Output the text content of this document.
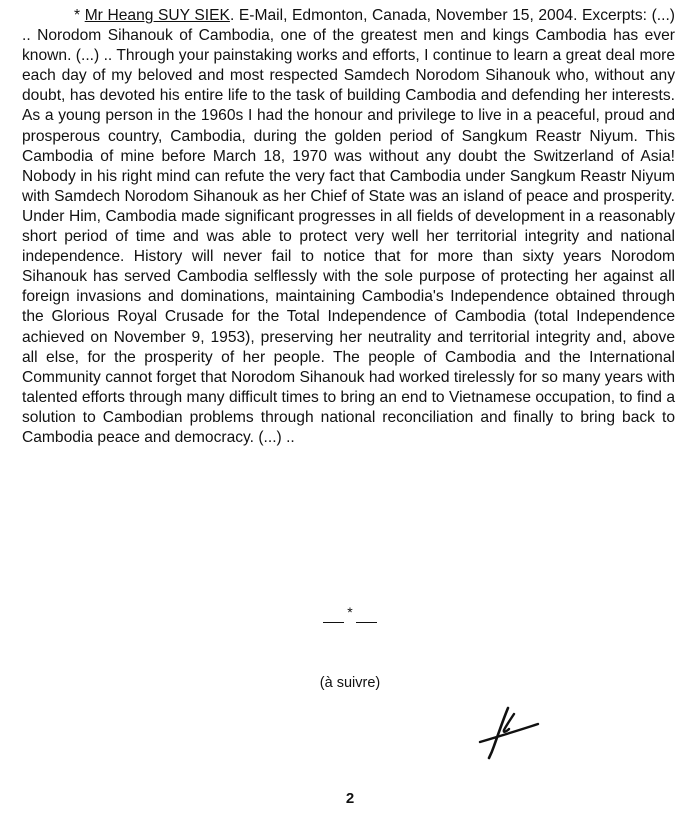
* Mr Heang SUY SIEK. E-Mail, Edmonton, Canada, November 15, 2004. Excerpts: (...) .. Norodom Sihanouk of Cambodia, one of the greatest men and kings Cambodia has ever known. (...) .. Through your painstaking works and efforts, I continue to learn a great deal more each day of my beloved and most respected Samdech Norodom Sihanouk who, without any doubt, has devoted his entire life to the task of building Cambodia and defending her interests. As a young person in the 1960s I had the honour and privilege to live in a peaceful, proud and prosperous country, Cambodia, during the golden period of Sangkum Reastr Niyum. This Cambodia of mine before March 18, 1970 was without any doubt the Switzerland of Asia! Nobody in his right mind can refute the very fact that Cambodia under Sangkum Reastr Niyum with Samdech Norodom Sihanouk as her Chief of State was an island of peace and prosperity. Under Him, Cambodia made significant progresses in all fields of development in a reasonably short period of time and was able to protect very well her territorial integrity and national independence. History will never fail to notice that for more than sixty years Norodom Sihanouk has served Cambodia selflessly with the sole purpose of protecting her against all foreign invasions and dominations, maintaining Cambodia's Independence obtained through the Glorious Royal Crusade for the Total Independence of Cambodia (total Independence achieved on November 9, 1953), preserving her neutrality and territorial integrity and, above all else, for the prosperity of her people. The people of Cambodia and the International Community cannot forget that Norodom Sihanouk had worked tirelessly for so many years with talented efforts through many difficult times to bring an end to Vietnamese occupation, to find a solution to Cambodian problems through national reconciliation and finally to bring back to Cambodia peace and democracy. (...) ..

*
(à suivre)
2
